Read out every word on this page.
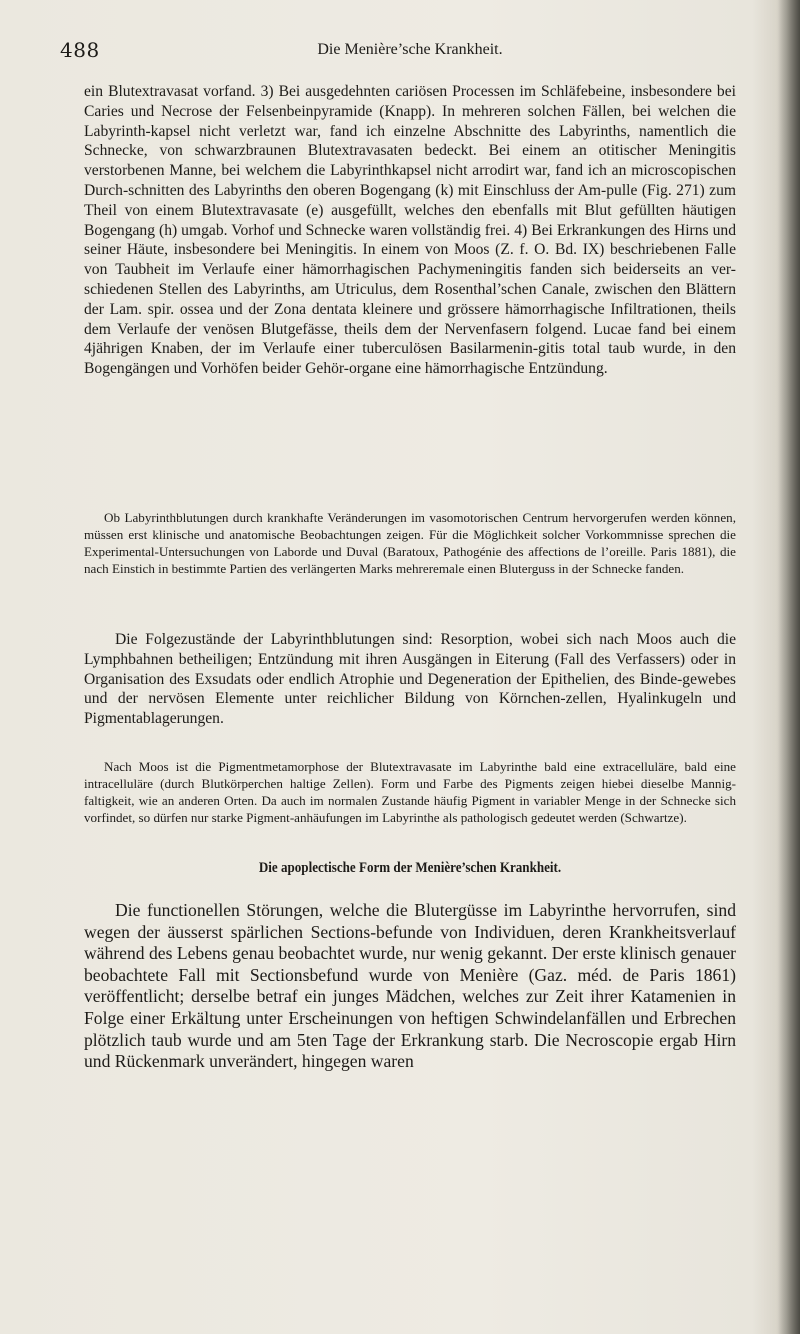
488	Die Menière’sche Krankheit.
ein Blutextravasat vorfand. 3) Bei ausgedehnten cariösen Processen im Schläfebeine, insbesondere bei Caries und Necrose der Felsenbeinpyramide (Knapp). In mehreren solchen Fällen, bei welchen die Labyrinth-kapsel nicht verletzt war, fand ich einzelne Abschnitte des Labyrinths, namentlich die Schnecke, von schwarzbraunen Blutextravasaten bedeckt. Bei einem an otitischer Meningitis verstorbenen Manne, bei welchem die Labyrinthkapsel nicht arrodirt war, fand ich an microscopischen Durch-schnitten des Labyrinths den oberen Bogengang (k) mit Einschluss der Am-pulle (Fig. 271) zum Theil von einem Blutextravasate (e) ausgefüllt, welches den ebenfalls mit Blut gefüllten häutigen Bogengang (h) umgab. Vorhof und Schnecke waren vollständig frei. 4) Bei Erkrankungen des Hirns und seiner Häute, insbesondere bei Meningitis. In einem von Moos (Z. f. O. Bd. IX) beschriebenen Falle von Taubheit im Verlaufe einer hämorrhagischen Pachymeningitis fanden sich beiderseits an ver-schiedenen Stellen des Labyrinths, am Utriculus, dem Rosenthal’schen Canale, zwischen den Blättern der Lam. spir. ossea und der Zona dentata kleinere und grössere hämorrhagische Infiltrationen, theils dem Verlaufe der venösen Blutgefässe, theils dem der Nervenfasern folgend. Lucae fand bei einem 4jährigen Knaben, der im Verlaufe einer tuberculösen Basilarmenin-gitis total taub wurde, in den Bogengängen und Vorhöfen beider Gehör-organe eine hämorrhagische Entzündung.
Ob Labyrinthblutungen durch krankhafte Veränderungen im vasomotorischen Centrum hervorgerufen werden können, müssen erst klinische und anatomische Beobachtungen zeigen. Für die Möglichkeit solcher Vorkommnisse sprechen die Experimental-Untersuchungen von Laborde und Duval (Baratoux, Pathogénie des affections de l’oreille. Paris 1881), die nach Einstich in bestimmte Partien des verlängerten Marks mehreremale einen Bluterguss in der Schnecke fanden.
Die Folgezustände der Labyrinthblutungen sind: Resorption, wobei sich nach Moos auch die Lymphbahnen betheiligen; Entzündung mit ihren Ausgängen in Eiterung (Fall des Verfassers) oder in Organisation des Exsudats oder endlich Atrophie und Degeneration der Epithelien, des Binde-gewebes und der nervösen Elemente unter reichlicher Bildung von Körnchen-zellen, Hyalinkugeln und Pigmentablagerungen.
Nach Moos ist die Pigmentmetamorphose der Blutextravasate im Labyrinthe bald eine extracelluläre, bald eine intracelluläre (durch Blutkörperchen haltige Zellen). Form und Farbe des Pigments zeigen hiebei dieselbe Mannig-faltigkeit, wie an anderen Orten. Da auch im normalen Zustande häufig Pigment in variabler Menge in der Schnecke sich vorfindet, so dürfen nur starke Pigment-anhäufungen im Labyrinthe als pathologisch gedeutet werden (Schwartze).
Die apoplectische Form der Menière’schen Krankheit.
Die functionellen Störungen, welche die Blutergüsse im Labyrinthe hervorrufen, sind wegen der äusserst spärlichen Sections-befunde von Individuen, deren Krankheitsverlauf während des Lebens genau beobachtet wurde, nur wenig gekannt. Der erste klinisch genauer beobachtete Fall mit Sectionsbefund wurde von Menière (Gaz. méd. de Paris 1861) veröffentlicht; derselbe betraf ein junges Mädchen, welches zur Zeit ihrer Katamenien in Folge einer Erkältung unter Erscheinungen von heftigen Schwindelanfällen und Erbrechen plötzlich taub wurde und am 5ten Tage der Erkrankung starb. Die Necroscopie ergab Hirn und Rückenmark unverändert, hingegen waren
